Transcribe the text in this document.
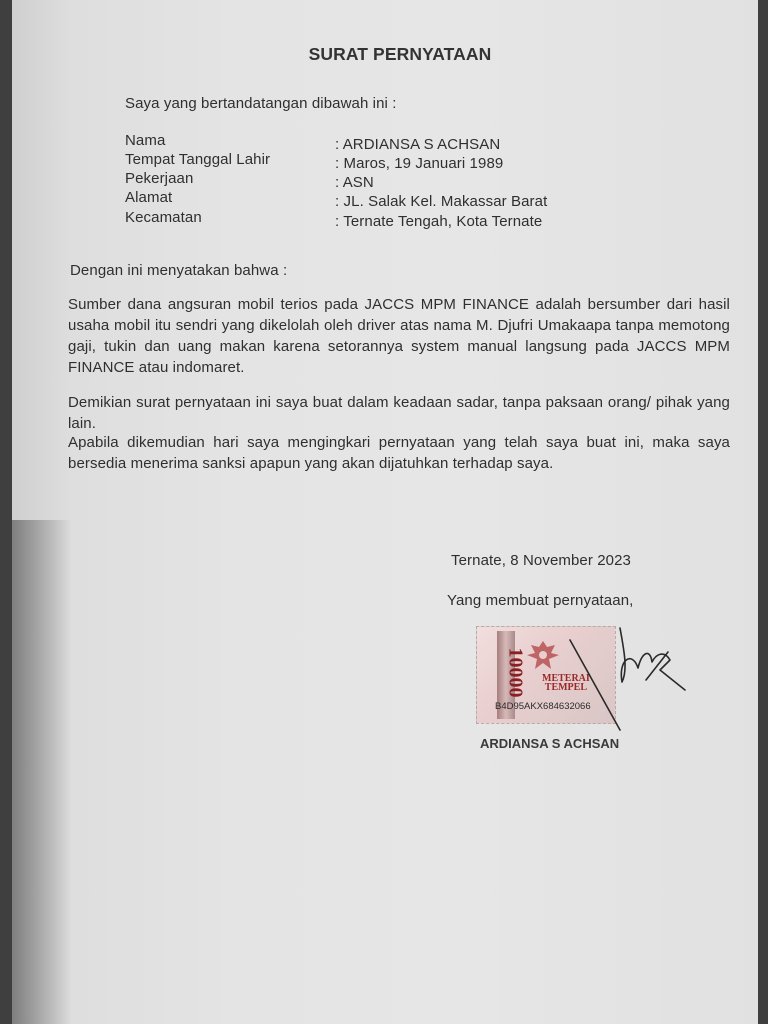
SURAT PERNYATAAN
Saya yang bertandatangan dibawah ini :
Nama	: ARDIANSA S ACHSAN
Tempat Tanggal Lahir	: Maros, 19 Januari 1989
Pekerjaan	: ASN
Alamat	: JL. Salak Kel. Makassar Barat
Kecamatan	: Ternate Tengah, Kota Ternate
Dengan ini menyatakan bahwa :
Sumber dana angsuran mobil terios pada JACCS MPM FINANCE adalah bersumber dari hasil usaha mobil itu sendri yang dikelolah oleh driver atas nama M. Djufri Umakaapa tanpa memotong gaji, tukin dan uang makan karena setorannya system manual langsung pada JACCS MPM FINANCE atau indomaret.
Demikian surat pernyataan ini saya buat dalam keadaan sadar, tanpa paksaan orang/ pihak yang lain.
Apabila dikemudian hari saya mengingkari pernyataan yang telah saya buat ini, maka saya bersedia menerima sanksi apapun yang akan dijatuhkan terhadap saya.
Ternate, 8 November 2023
Yang membuat pernyataan,
10000 METERAI
TEMPEL
B4D95AKX684632066
ARDIANSA S ACHSAN
